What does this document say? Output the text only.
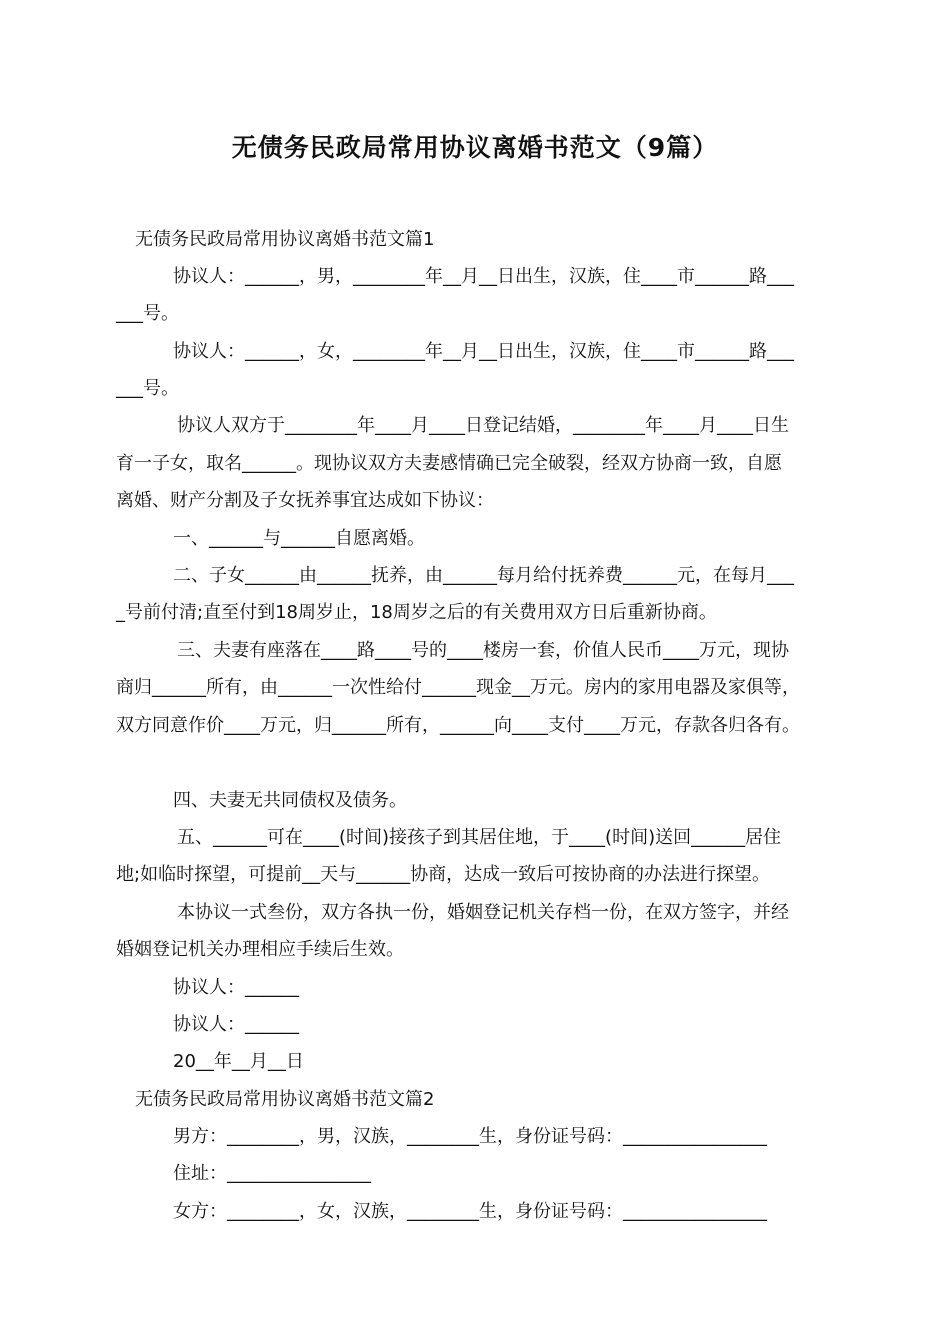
无债务民政局常用协议离婚书范文（9篇）

无债务民政局常用协议离婚书范文篇1

协议人：______，男，________年__月__日出生，汉族，住____市______路___

___号。

协议人：______，女，________年__月__日出生，汉族，住____市______路___

___号。

协议人双方于________年____月____日登记结婚，________年____月____日生

育一子女，取名______。现协议双方夫妻感情确已完全破裂，经双方协商一致，自愿

离婚、财产分割及子女抚养事宜达成如下协议：

一、______与______自愿离婚。

二、子女______由______抚养，由______每月给付抚养费______元，在每月___

_号前付清;直至付到18周岁止，18周岁之后的有关费用双方日后重新协商。

三、夫妻有座落在____路____号的____楼房一套，价值人民币____万元，现协

商归______所有，由______一次性给付______现金__万元。房内的家用电器及家俱等，

双方同意作价____万元，归______所有，______向____支付____万元，存款各归各有。

四、夫妻无共同债权及债务。

五、______可在____(时间)接孩子到其居住地，于____(时间)送回______居住

地;如临时探望，可提前__天与______协商，达成一致后可按协商的办法进行探望。

本协议一式叁份，双方各执一份，婚姻登记机关存档一份，在双方签字，并经

婚姻登记机关办理相应手续后生效。

协议人：______

协议人：______

20__年__月__日

无债务民政局常用协议离婚书范文篇2

男方：________，男，汉族，________生，身份证号码：________________

住址：________________

女方：________，女，汉族，________生，身份证号码：________________
